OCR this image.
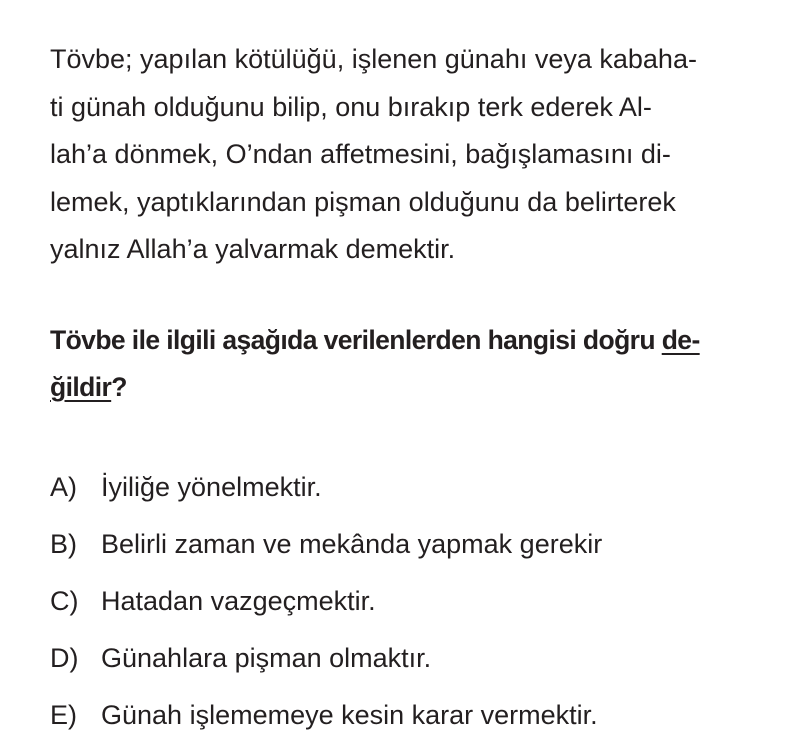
Tövbe; yapılan kötülüğü, işlenen günahı veya kabaha-
ti günah olduğunu bilip, onu bırakıp terk ederek Al-
lah’a dönmek, O’ndan affetmesini, bağışlamasını di-
lemek, yaptıklarından pişman olduğunu da belirterek
yalnız Allah’a yalvarmak demektir.

Tövbe ile ilgili aşağıda verilenlerden hangisi doğru de-
ğildir?
A) İyiliğe yönelmektir.
B) Belirli zaman ve mekânda yapmak gerekir
C) Hatadan vazgeçmektir.
D) Günahlara pişman olmaktır.
E) Günah işlememeye kesin karar vermektir.
